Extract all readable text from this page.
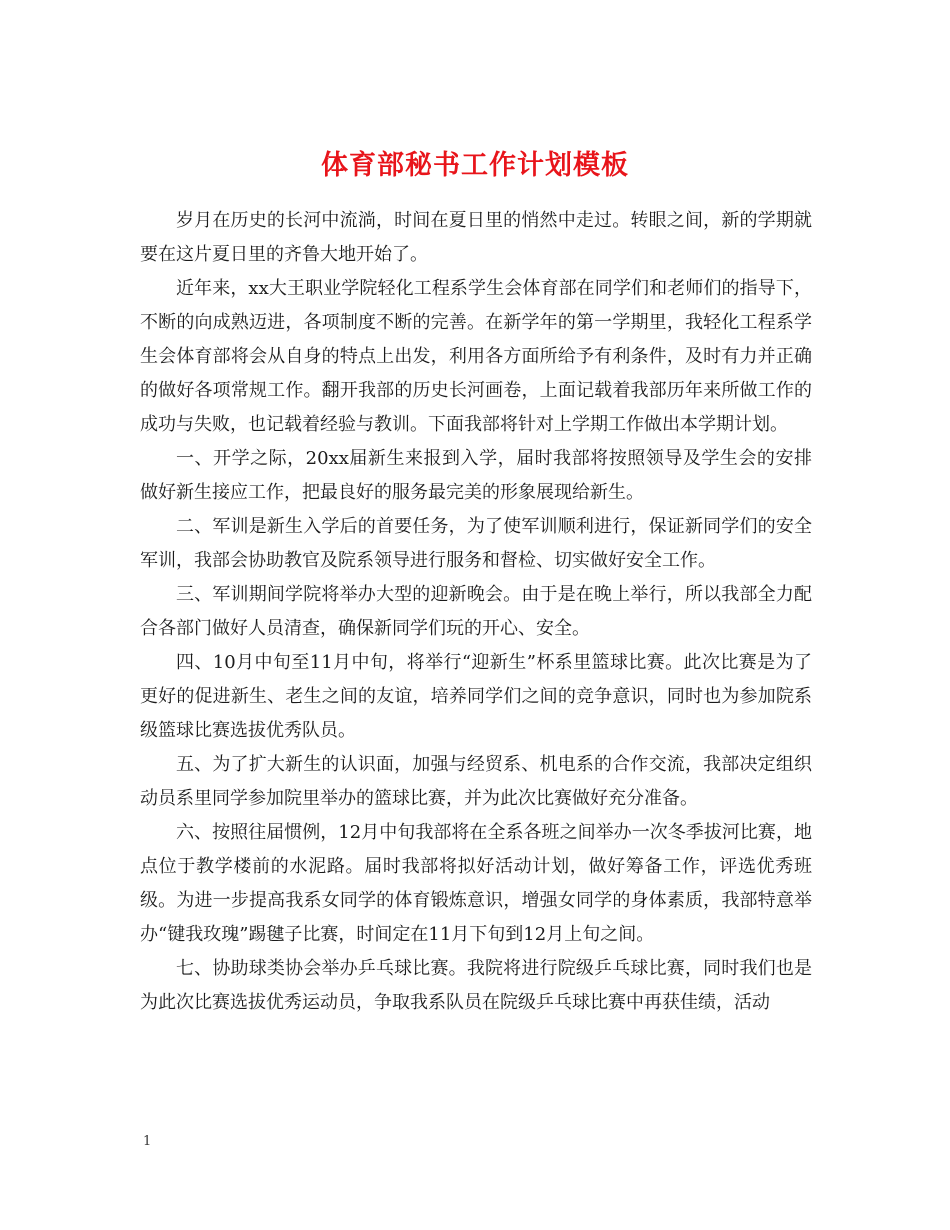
体育部秘书工作计划模板

岁月在历史的长河中流淌，时间在夏日里的悄然中走过。转眼之间，新的学期就要在这片夏日里的齐鲁大地开始了。

近年来，xx大王职业学院轻化工程系学生会体育部在同学们和老师们的指导下，不断的向成熟迈进，各项制度不断的完善。在新学年的第一学期里，我轻化工程系学生会体育部将会从自身的特点上出发，利用各方面所给予有利条件，及时有力并正确的做好各项常规工作。翻开我部的历史长河画卷，上面记载着我部历年来所做工作的成功与失败，也记载着经验与教训。下面我部将针对上学期工作做出本学期计划。

一、开学之际，20xx届新生来报到入学，届时我部将按照领导及学生会的安排做好新生接应工作，把最良好的服务最完美的形象展现给新生。

二、军训是新生入学后的首要任务，为了使军训顺利进行，保证新同学们的安全军训，我部会协助教官及院系领导进行服务和督检、切实做好安全工作。

三、军训期间学院将举办大型的迎新晚会。由于是在晚上举行，所以我部全力配合各部门做好人员清查，确保新同学们玩的开心、安全。

四、10月中旬至11月中旬，将举行“迎新生”杯系里篮球比赛。此次比赛是为了更好的促进新生、老生之间的友谊，培养同学们之间的竞争意识，同时也为参加院系级篮球比赛选拔优秀队员。

五、为了扩大新生的认识面，加强与经贸系、机电系的合作交流，我部决定组织动员系里同学参加院里举办的篮球比赛，并为此次比赛做好充分准备。

六、按照往届惯例，12月中旬我部将在全系各班之间举办一次冬季拔河比赛，地点位于教学楼前的水泥路。届时我部将拟好活动计划，做好筹备工作，评选优秀班级。为进一步提高我系女同学的体育锻炼意识，增强女同学的身体素质，我部特意举办“键我玫瑰”踢毽子比赛，时间定在11月下旬到12月上旬之间。

七、协助球类协会举办乒乓球比赛。我院将进行院级乒乓球比赛，同时我们也是为此次比赛选拔优秀运动员，争取我系队员在院级乒乓球比赛中再获佳绩，活动

1
